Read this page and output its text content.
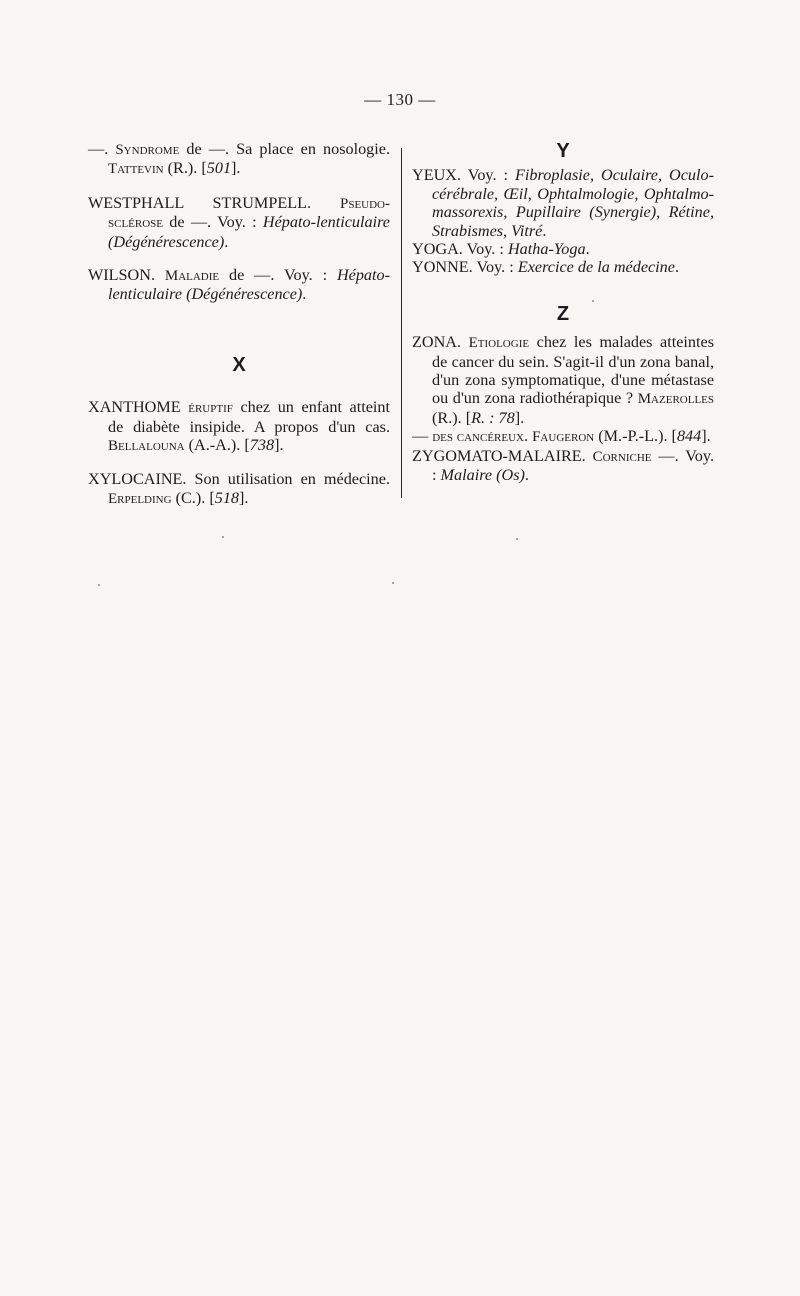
— 130 —
—. Syndrome de —. Sa place en nosologie. Tattevin (R.). [501].
WESTPHALL STRUMPELL. Pseudo-sclérose de —. Voy. : Hépato-lenticulaire (Dégénérescence).
WILSON. Maladie de —. Voy. : Hépato-lenticulaire (Dégénérescence).
X
XANTHOME éruptif chez un enfant atteint de diabète insipide. A propos d'un cas. Bellalouna (A.-A.). [738].
XYLOCAINE. Son utilisation en médecine. Erpelding (C.). [518].
Y
YEUX. Voy. : Fibroplasie, Oculaire, Oculo-cérébrale, Œil, Ophtalmologie, Ophtalmo-massorexis, Pupillaire (Synergie), Rétine, Strabismes, Vitré.
YOGA. Voy. : Hatha-Yoga.
YONNE. Voy. : Exercice de la médecine.
Z
ZONA. Etiologie chez les malades atteintes de cancer du sein. S'agit-il d'un zona banal, d'un zona symptomatique, d'une métastase ou d'un zona radiothérapique ? Mazerolles (R.). [R. : 78].
— des cancéreux. Faugeron (M.-P.-L.). [844].
ZYGOMATO-MALAIRE. Corniche —. Voy. : Malaire (Os).
